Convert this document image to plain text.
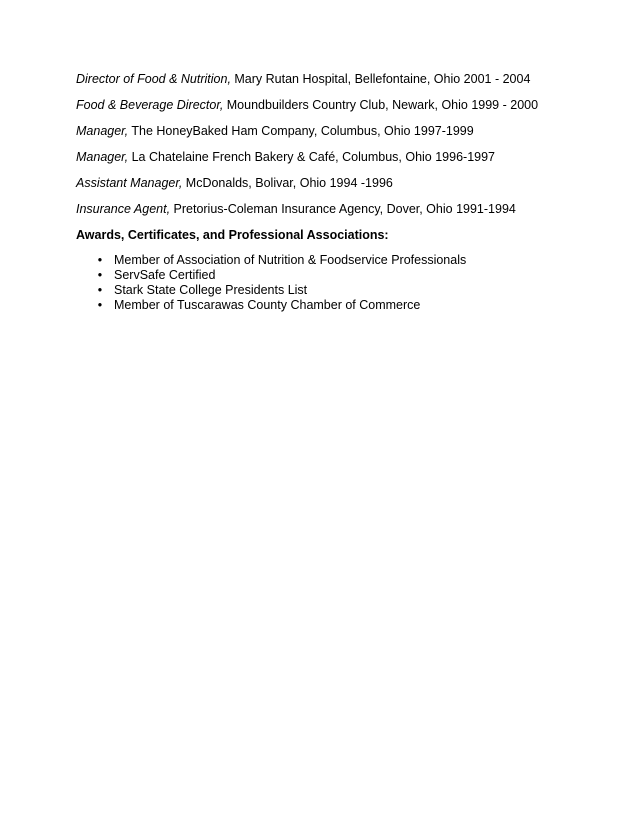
Director of Food & Nutrition, Mary Rutan Hospital, Bellefontaine, Ohio 2001 - 2004

Food & Beverage Director, Moundbuilders Country Club, Newark, Ohio 1999 - 2000

Manager, The HoneyBaked Ham Company, Columbus, Ohio 1997-1999

Manager, La Chatelaine French Bakery & Café, Columbus, Ohio 1996-1997

Assistant Manager, McDonalds, Bolivar, Ohio 1994 -1996

Insurance Agent, Pretorius-Coleman Insurance Agency, Dover, Ohio 1991-1994

Awards, Certificates, and Professional Associations:

• Member of Association of Nutrition & Foodservice Professionals
• ServSafe Certified
• Stark State College Presidents List
• Member of Tuscarawas County Chamber of Commerce
